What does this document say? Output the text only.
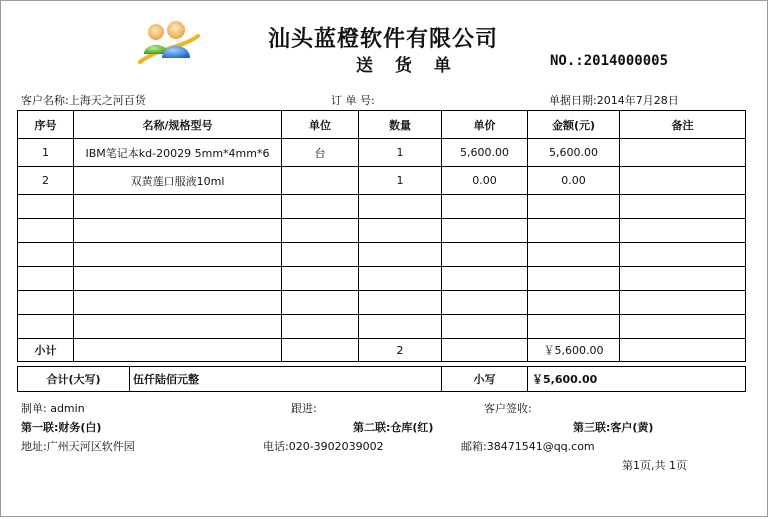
汕头蓝橙软件有限公司
送 货 单	NO.:2014000005
客户名称:上海天之河百货	订 单 号:	单据日期:2014年7月28日
序号	名称/规格型号	单位	数量	单价	金额(元)	备注
1	IBM笔记本kd-20029 5mm*4mm*6	台	1	5,600.00	5,600.00	
2	双黄莲口服液10ml		1	0.00	0.00	

小计			2		￥5,600.00	
合计(大写)	伍仟陆佰元整	小写	￥5,600.00
制单: admin	跟进:	客户签收:
第一联:财务(白)	第二联:仓库(红)	第三联:客户(黄)
地址:广州天河区软件园	电话:020-3902039002	邮箱:38471541@qq.com
第1页,共 1页
